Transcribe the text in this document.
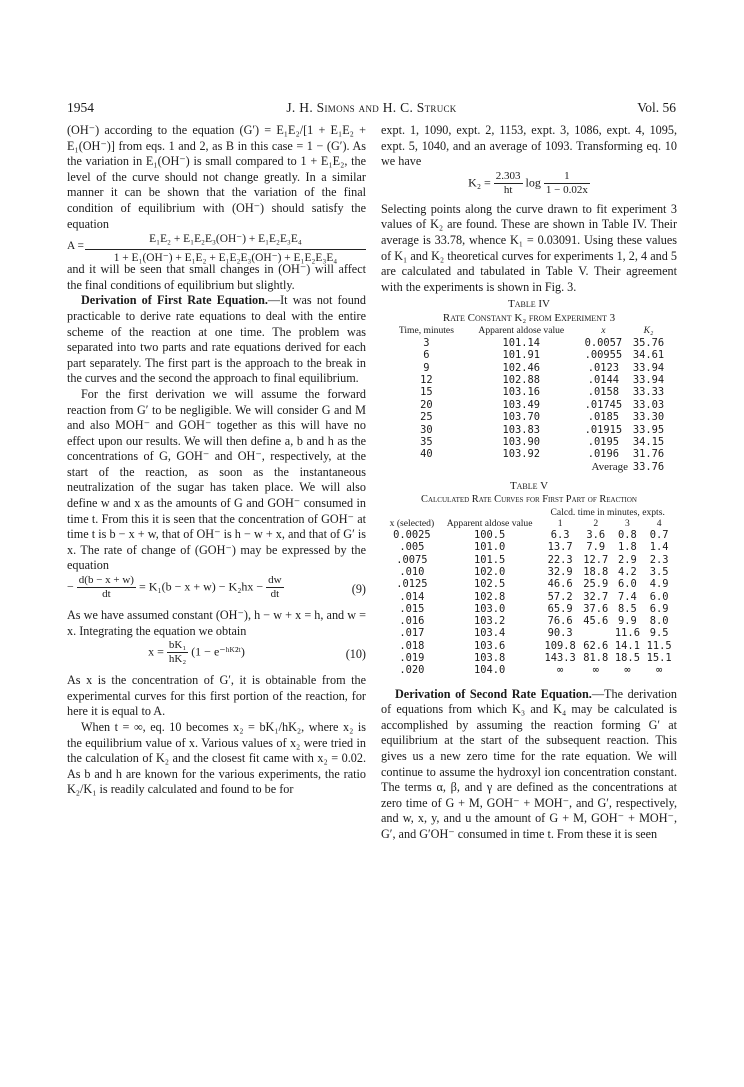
1954	J. H. Simons and H. C. Struck	Vol. 56

(OH⁻) according to the equation (G′) = E₁E₂/[1 + E₁E₂ + E₁(OH⁻)] from eqs. 1 and 2, as B in this case = 1 − (G′). As the variation in E₁(OH⁻) is small compared to 1 + E₁E₂, the level of the curve should not change greatly. In a similar manner it can be shown that the variation of the final condition of equilibrium with (OH⁻) should satisfy the equation

$A = \frac{\text{E₁E₂ + E₁E₂E₃(OH⁻) + E₁E₂E₃E₄}}{\text{1 + E₁(OH⁻) + E₁E₂ + E₁E₂E₃(OH⁻) + E₁E₂E₃E₄}}$

and it will be seen that small changes in (OH⁻) will affect the final conditions of equilibrium but slightly.

Derivation of First Rate Equation.—It was not found practicable to derive rate equations to deal with the entire scheme of the reaction at one time. The problem was separated into two parts and rate equations derived for each part separately. The first part is the approach to the break in the curves and the second the approach to final equilibrium.

For the first derivation we will assume the forward reaction from G′ to be negligible. We will consider G and M and also MOH⁻ and GOH⁻ together as this will have no effect upon our results. We will then define a, b and h as the concentrations of G, GOH⁻ and OH⁻, respectively, at the start of the reaction, as soon as the instantaneous neutralization of the sugar has taken place. We will also define w and x as the amounts of G and GOH⁻ consumed in time t. From this it is seen that the concentration of GOH⁻ at time t is b − x + w, that of OH⁻ is h − w + x, and that of G′ is x. The rate of change of (GOH⁻) may be expressed by the equation

− $\frac{d(b - x + w)}{dt} = K_1(b - x + w) - K_2hx - \frac{dw}{dt}$	(9)

As we have assumed constant (OH⁻), h − w + x = h, and w = x. Integrating the equation we obtain

$x = \frac{\text{bK₁}}{\text{hK₂}} (1$ − e⁻ʰᴷ²ᵗ)	(10)

As x is the concentration of G′, it is obtainable from the experimental curves for this first portion of the reaction, for here it is equal to A.

When t = ∞, eq. 10 becomes x₂ = bK₁/hK₂, where x₂ is the equilibrium value of x. Various values of x₂ were tried in the calculation of K₂ and the closest fit came with x₂ = 0.02. As b and h are known for the various experiments, the ratio K₂/K₁ is readily calculated and found to be for

expt. 1, 1090, expt. 2, 1153, expt. 3, 1086, expt. 4, 1095, expt. 5, 1040, and an average of 1093. Transforming eq. 10 we have

$K_2 = \frac{2.303}{ht}$ $\log \frac{1}{1 - 0.02x}$

Selecting points along the curve drawn to fit experiment 3 values of K₂ are found. These are shown in Table IV. Their average is 33.78, whence K₁ = 0.03091. Using these values of K₁ and K₂ theoretical curves for experiments 1, 2, 4 and 5 are calculated and tabulated in Table V. Their agreement with the experiments is shown in Fig. 3.

Table IV
Rate Constant K₂ from Experiment 3
Time, minutes	Apparent aldose value	x	K₂
3	101.14	0.0057	35.76
6	101.91	.00955	34.61
9	102.46	.0123	33.94
12	102.88	.0144	33.94
15	103.16	.0158	33.33
20	103.49	.01745	33.03
25	103.70	.0185	33.30
30	103.83	.01915	33.95
35	103.90	.0195	34.15
40	103.92	.0196	31.76
Average			33.76
Table V
Calculated Rate Curves for First Part of Reaction
x (selected)	Apparent aldose value	Calcd. time in minutes, expts.			
		1	2	3	4
0.0025	100.5	6.3	3.6	0.8	0.7
.005	101.0	13.7	7.9	1.8	1.4
.0075	101.5	22.3	12.7	2.9	2.3
.010	102.0	32.9	18.8	4.2	3.5
.0125	102.5	46.6	25.9	6.0	4.9
.014	102.8	57.2	32.7	7.4	6.0
.015	103.0	65.9	37.6	8.5	6.9
.016	103.2	76.6	45.6	9.9	8.0
.017	103.4	90.3		11.6	9.5
.018	103.6	109.8	62.6	14.1	11.5
.019	103.8	143.3	81.8	18.5	15.1
.020	104.0	∞	∞	∞	∞

Derivation of Second Rate Equation.—The derivation of equations from which K₃ and K₄ may be calculated is accomplished by assuming the reaction forming G′ at equilibrium at the start of the subsequent reaction. This gives us a new zero time for the rate equation. We will continue to assume the hydroxyl ion concentration constant. The terms α, β, and γ are defined as the concentrations at zero time of G + M, GOH⁻ + MOH⁻, and G′, respectively, and w, x, y, and u the amount of G + M, GOH⁻ + MOH⁻, G′, and G′OH⁻ consumed in time t. From these it is seen
